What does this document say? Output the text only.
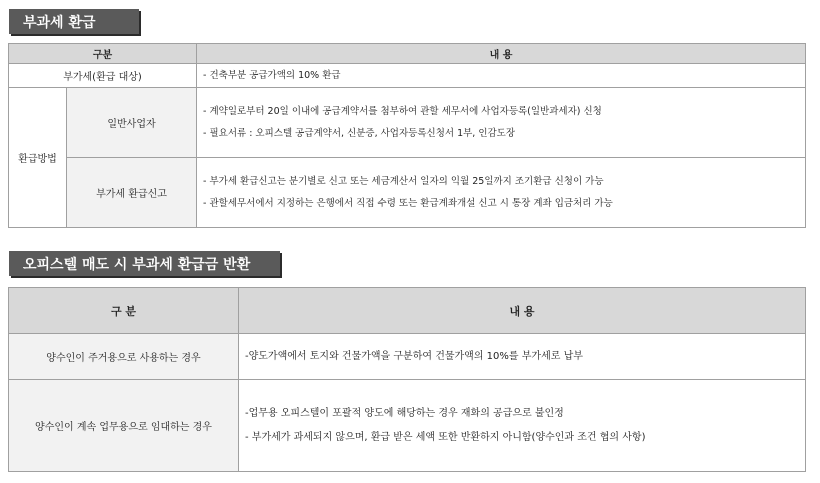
부과세 환급
구분		내 용
부가세(환급 대상)		- 건축부분 공급가액의 10% 환급

환급방법	일반사업자	- 계약일로부터 20일 이내에 공급계약서를 첨부하여 관할 세무서에 사업자등록(일반과세자) 신청
- 필요서류 : 오피스텔 공급계약서, 신분증, 사업자등록신청서 1부, 인감도장

	부가세 환급신고	- 부가세 환급신고는 분기별로 신고 또는 세금계산서 일자의 익월 25일까지 조기환급 신청이 가능
- 관할세무서에서 지정하는 은행에서 직접 수령 또는 환급계좌개설 신고 시 통장 계좌 입금처리 가능
오피스텔 매도 시 부과세 환급금 반환
구 분	내 용
양수인이 주거용으로 사용하는 경우	-양도가액에서 토지와 건물가액을 구분하여 건물가액의 10%를 부가세로 납부

양수인이 계속 업무용으로 임대하는 경우	-업무용 오피스텔이 포괄적 양도에 해당하는 경우 재화의 공급으로 불인정
- 부가세가 과세되지 않으며, 환급 받은 세액 또한 반환하지 아니함(양수인과 조건 협의 사항)
